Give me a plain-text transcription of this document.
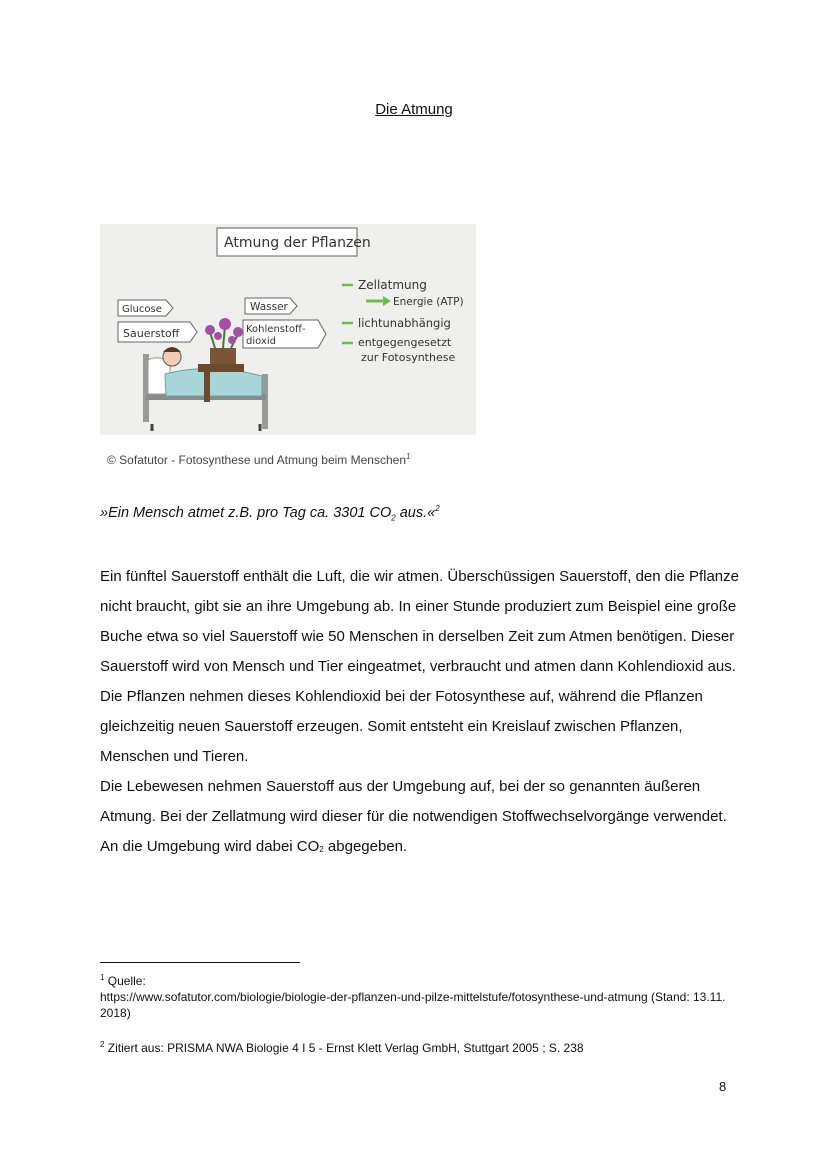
Die Atmung
Atmung der Pflanzen
Glucose
Sauerstoff
Wasser
Kohlenstoff-
dioxid
Zellatmung
Energie (ATP)
lichtunabhängig
entgegengesetzt
zur Fotosynthese
© Sofatutor - Fotosynthese und Atmung beim Menschen$^1$
»Ein Mensch atmet z.B. pro Tag ca. 3301 $CO_2$ aus.«$^2$

Ein fünftel Sauerstoff enthält die Luft, die wir atmen. Überschüssigen Sauerstoff, den die Pflanze nicht braucht, gibt sie an ihre Umgebung ab. In einer Stunde produziert zum Beispiel eine große Buche etwa so viel Sauerstoff wie 50 Menschen in derselben Zeit zum Atmen benötigen. Dieser Sauerstoff wird von Mensch und Tier eingeatmet, verbraucht und atmen dann Kohlendioxid aus. Die Pflanzen nehmen dieses Kohlendioxid bei der Fotosynthese auf, während die Pflanzen gleichzeitig neuen Sauerstoff erzeugen. Somit entsteht ein Kreislauf zwischen Pflanzen, Menschen und Tieren.

Die Lebewesen nehmen Sauerstoff aus der Umgebung auf, bei der so genannten äußeren Atmung. Bei der Zellatmung wird dieser für die notwendigen Stoffwechselvorgänge verwendet. An die Umgebung wird dabei $CO_2$ abgegeben.

$^1$ Quelle:
https://www.sofatutor.com/biologie/biologie-der-pflanzen-und-pilze-mittelstufe/fotosynthese-und-atmung (Stand: 13.11.2018)
$^2$ Zitiert aus: PRISMA NWA Biologie 4 I 5 - Ernst Klett Verlag GmbH, Stuttgart 2005 ; S. 238
8
